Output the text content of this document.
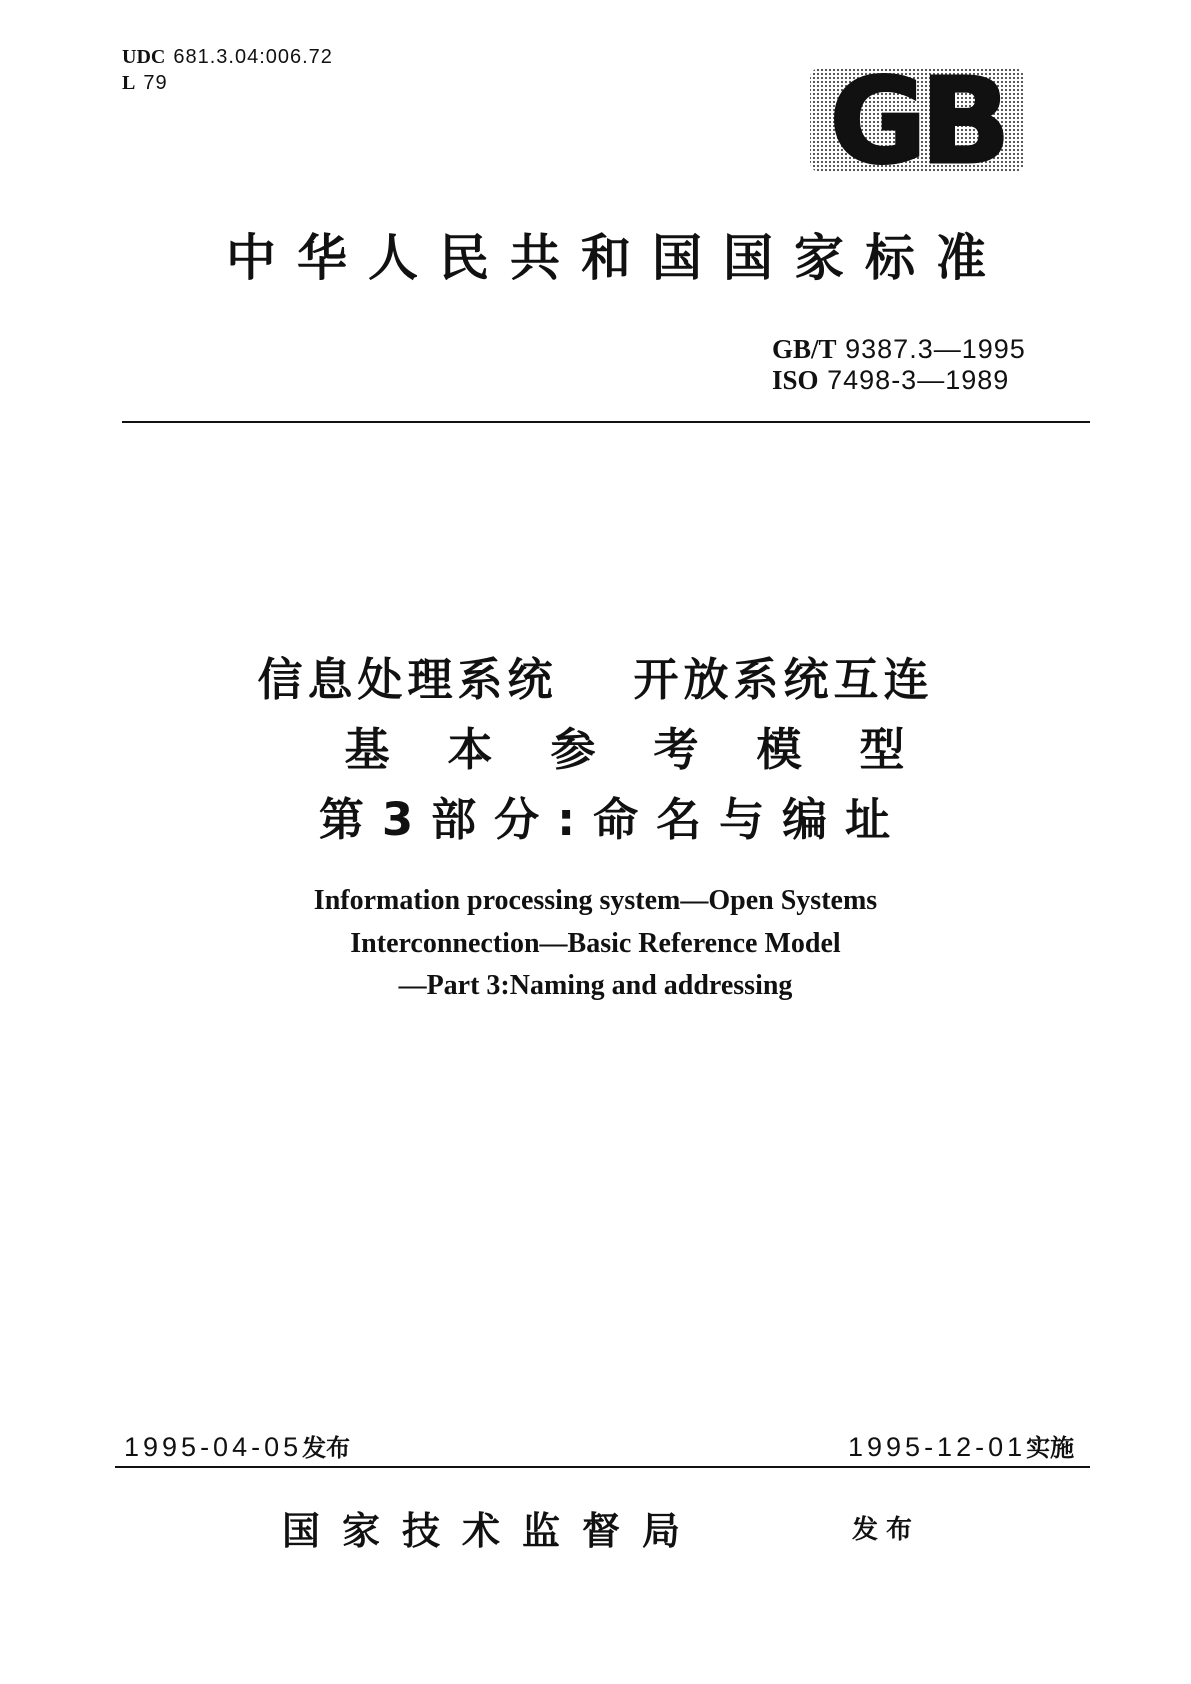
UDC 681.3.04:006.72
L 79	GB
中华人民共和国国家标准
GB/T 9387.3—1995
ISO 7498-3—1989
信息处理系统 开放系统互连
基本参考模型
第3部分:命名与编址
Information processing system—Open Systems
Interconnection—Basic Reference Model
—Part 3:Naming and addressing
1995-04-05发布	1995-12-01实施
国家技术监督局	发布
